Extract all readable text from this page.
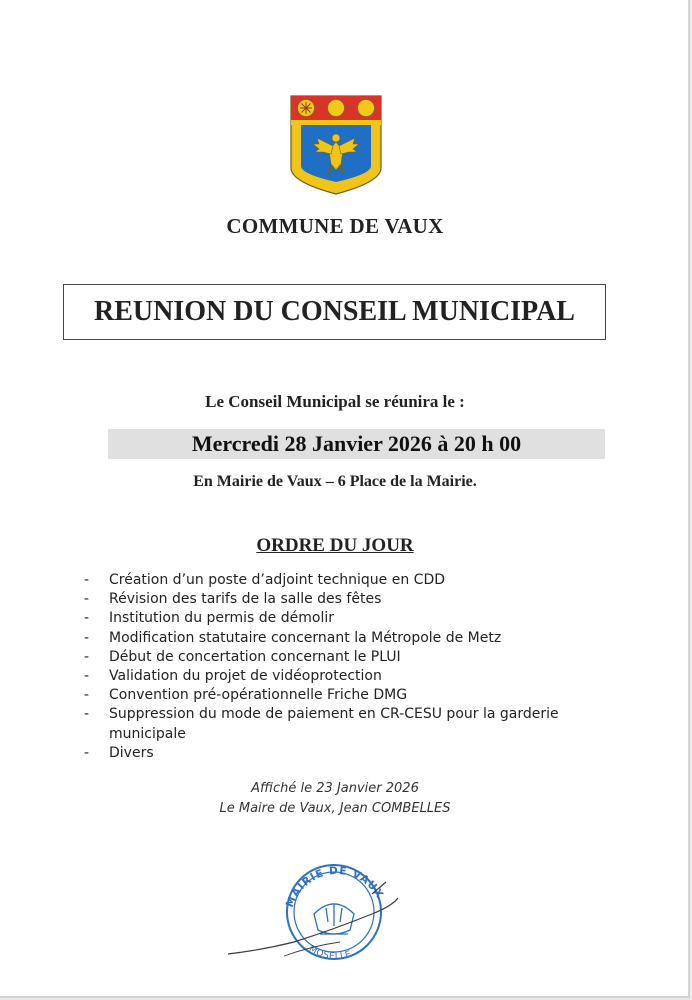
COMMUNE DE VAUX
REUNION DU CONSEIL MUNICIPAL
Le Conseil Municipal se réunira le :
Mercredi 28 Janvier 2026 à 20 h 00
En Mairie de Vaux – 6 Place de la Mairie.
ORDRE DU JOUR
- Création d’un poste d’adjoint technique en CDD
- Révision des tarifs de la salle des fêtes
- Institution du permis de démolir
- Modification statutaire concernant la Métropole de Metz
- Début de concertation concernant le PLUI
- Validation du projet de vidéoprotection
- Convention pré-opérationnelle Friche DMG
- Suppression du mode de paiement en CR-CESU pour la garderie
municipale
- Divers
Affiché le 23 Janvier 2026
Le Maire de Vaux, Jean COMBELLES
MAIRIE DE VAUX
MOSELLE
